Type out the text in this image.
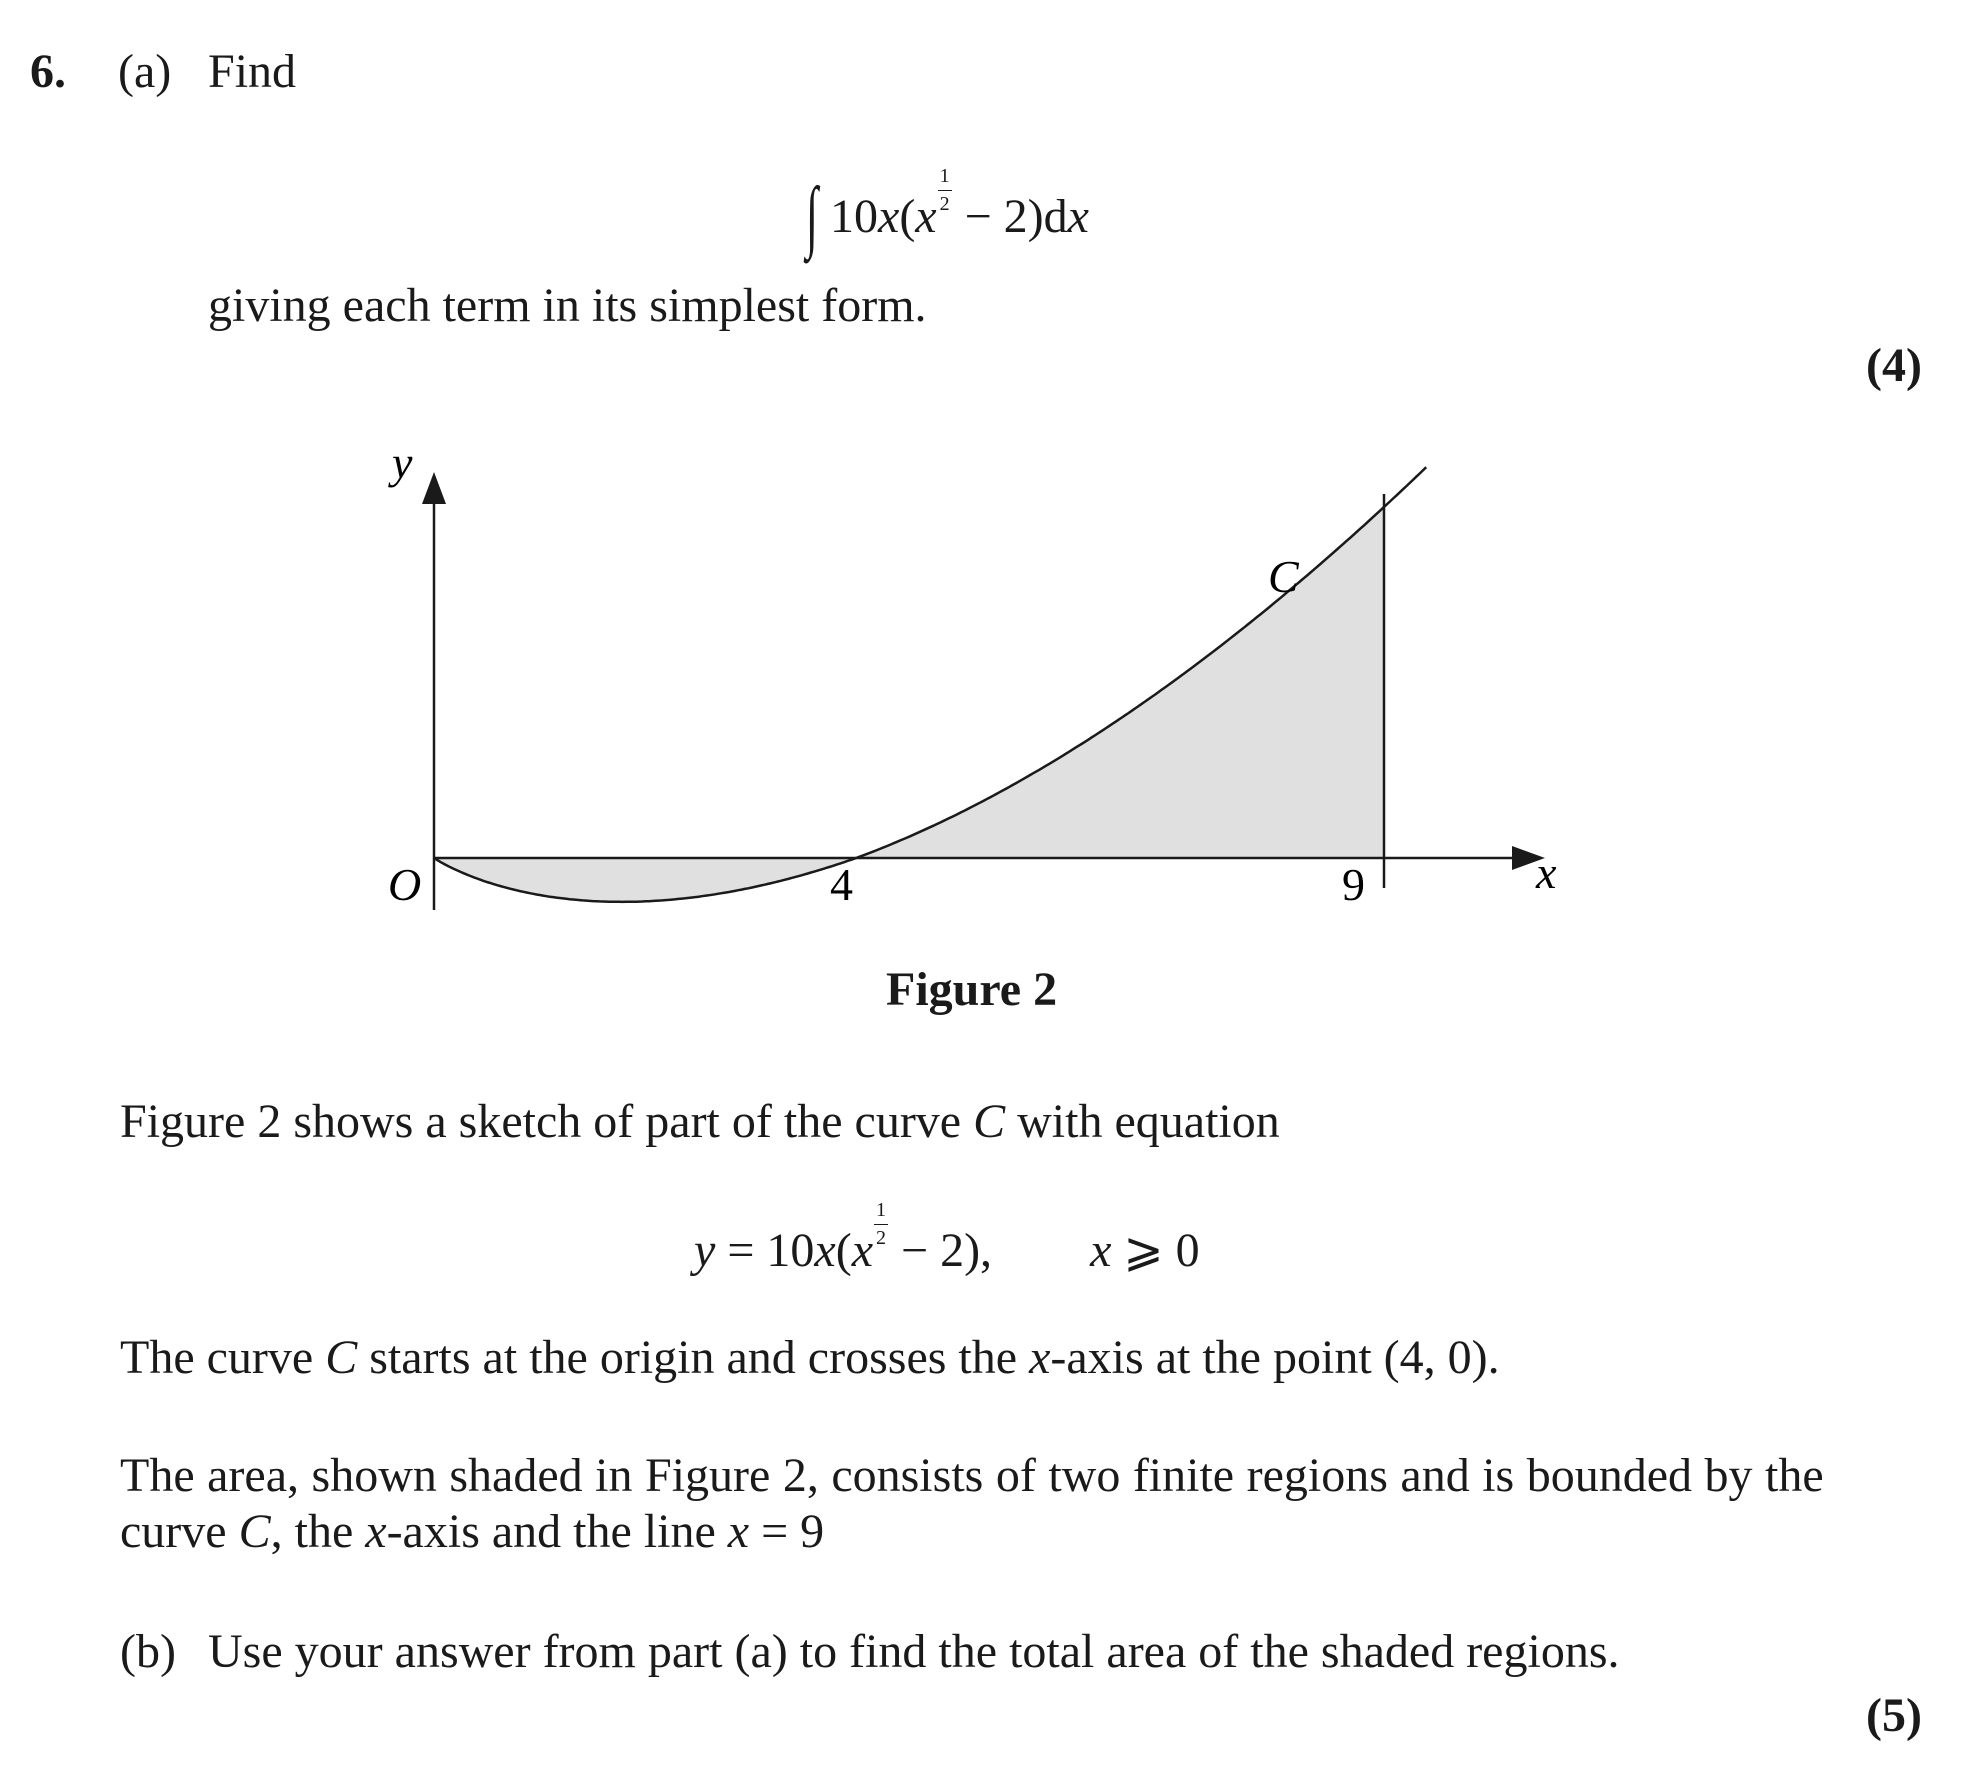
6. (a) Find
∫ $10x(x \frac{1}{2} - 2)dx$
giving each term in its simplest form.
(4)
y
x
O	4	9
C
Figure 2
Figure 2 shows a sketch of part of the curve C with equation
$y = 10x(x \frac{1}{2} - 2)$, x ⩾ 0
The curve C starts at the origin and crosses the x-axis at the point (4, 0).
The area, shown shaded in Figure 2, consists of two finite regions and is bounded by the
curve C, the x-axis and the line x = 9
(b) Use your answer from part (a) to find the total area of the shaded regions.
(5)
